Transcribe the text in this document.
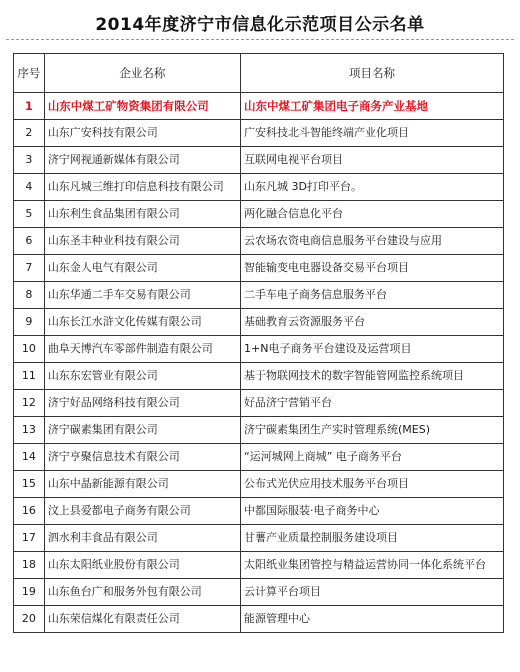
2014年度济宁市信息化示范项目公示名单
序号	企业名称	项目名称
1	山东中煤工矿物资集团有限公司	山东中煤工矿集团电子商务产业基地
2	山东广安科技有限公司	广安科技北斗智能终端产业化项目
3	济宁网视通新媒体有限公司	互联网电视平台项目
4	山东凡城三维打印信息科技有限公司	山东凡城 3D打印平台。
5	山东利生食品集团有限公司	两化融合信息化平台
6	山东圣丰种业科技有限公司	云农场农资电商信息服务平台建设与应用
7	山东金人电气有限公司	智能输变电电器设备交易平台项目
8	山东华通二手车交易有限公司	二手车电子商务信息服务平台
9	山东长江水浒文化传媒有限公司	基础教育云资源服务平台
10	曲阜天博汽车零部件制造有限公司	1+N电子商务平台建设及运营项目
11	山东东宏管业有限公司	基于物联网技术的数字智能管网监控系统项目
12	济宁好品网络科技有限公司	好品济宁营销平台
13	济宁碳素集团有限公司	济宁碳素集团生产实时管理系统(MES)
14	济宁亨聚信息技术有限公司	“运河城网上商城” 电子商务平台
15	山东中晶新能源有限公司	公布式光伏应用技术服务平台项目
16	汶上县爱都电子商务有限公司	中都国际服装·电子商务中心
17	泗水利丰食品有限公司	甘薯产业质量控制服务建设项目
18	山东太阳纸业股份有限公司	太阳纸业集团管控与精益运营协同一体化系统平台
19	山东鱼台广和服务外包有限公司	云计算平台项目
20	山东荣信煤化有限责任公司	能源管理中心
